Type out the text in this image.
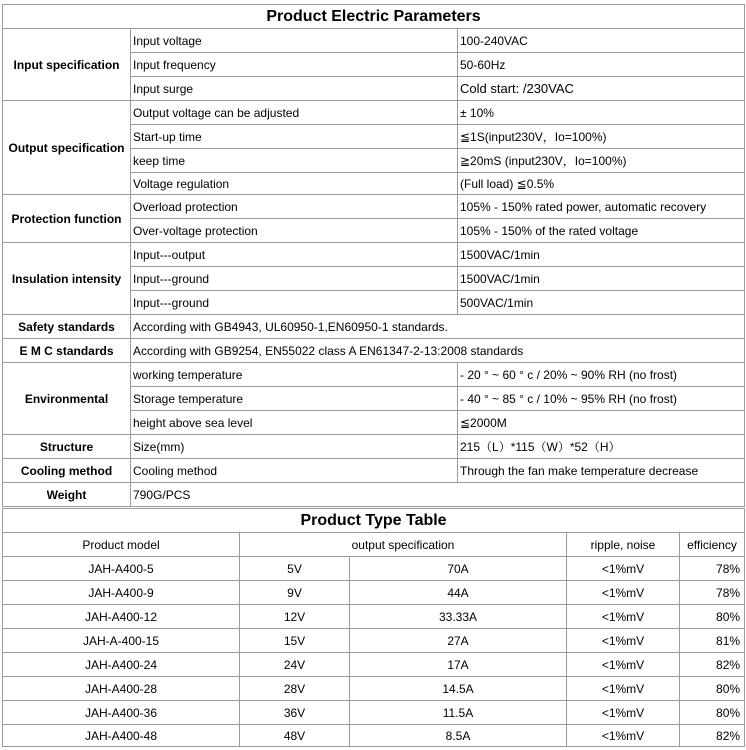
Product Electric Parameters		
Input specification	Input voltage	100-240VAC
	Input frequency	50-60Hz
	Input surge	Cold start: /230VAC
Output specification	Output voltage can be adjusted	± 10%
	Start-up time	≦1S(input230V，Io=100%)
	keep time	≧20mS (input230V，Io=100%)
	Voltage regulation	(Full load) ≦0.5%
Protection function	Overload protection	105% - 150% rated power, automatic recovery
	Over-voltage protection	105% - 150% of the rated voltage
Insulation intensity	Input---output	1500VAC/1min
	Input---ground	1500VAC/1min
	Input---ground	500VAC/1min
Safety standards	According with GB4943, UL60950-1,EN60950-1 standards.	
E M C standards	According with GB9254, EN55022 class A EN61347-2-13:2008 standards	
Environmental	working temperature	- 20 ° ~ 60 ° c / 20% ~ 90% RH (no frost)
	Storage temperature	- 40 ° ~ 85 ° c / 10% ~ 95% RH (no frost)
	height above sea level	≦2000M
Structure	Size(mm)	215（L）*115（W）*52（H）
Cooling method	Cooling method	Through the fan make temperature decrease
Weight	790G/PCS	
Product Type Table				
Product model	output specification		ripple, noise	efficiency
JAH-A400-5	5V	70A	<1%mV	78%
JAH-A400-9	9V	44A	<1%mV	78%
JAH-A400-12	12V	33.33A	<1%mV	80%
JAH-A-400-15	15V	27A	<1%mV	81%
JAH-A400-24	24V	17A	<1%mV	82%
JAH-A400-28	28V	14.5A	<1%mV	80%
JAH-A400-36	36V	11.5A	<1%mV	80%
JAH-A400-48	48V	8.5A	<1%mV	82%
